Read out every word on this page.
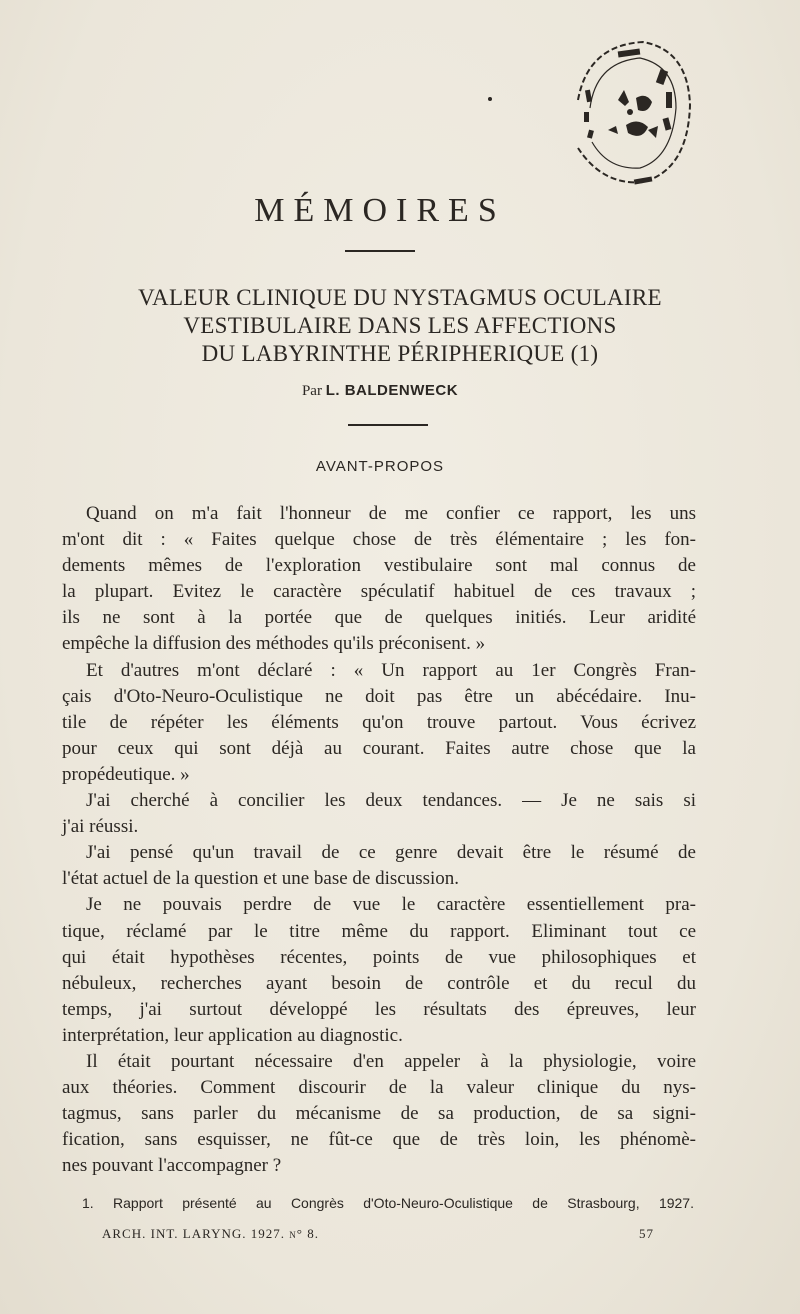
MÉMOIRES
VALEUR CLINIQUE DU NYSTAGMUS OCULAIRE
VESTIBULAIRE DANS LES AFFECTIONS
DU LABYRINTHE PÉRIPHERIQUE (1)
Par L. BALDENWECK
AVANT-PROPOS
Quand on m'a fait l'honneur de me confier ce rapport, les uns
m'ont dit : « Faites quelque chose de très élémentaire ; les fon-
dements mêmes de l'exploration vestibulaire sont mal connus de
la plupart. Evitez le caractère spéculatif habituel de ces travaux ;
ils ne sont à la portée que de quelques initiés. Leur aridité
empêche la diffusion des méthodes qu'ils préconisent. »
Et d'autres m'ont déclaré : « Un rapport au 1er Congrès Fran-
çais d'Oto-Neuro-Oculistique ne doit pas être un abécédaire. Inu-
tile de répéter les éléments qu'on trouve partout. Vous écrivez
pour ceux qui sont déjà au courant. Faites autre chose que la
propédeutique. »
J'ai cherché à concilier les deux tendances. — Je ne sais si
j'ai réussi.
J'ai pensé qu'un travail de ce genre devait être le résumé de
l'état actuel de la question et une base de discussion.
Je ne pouvais perdre de vue le caractère essentiellement pra-
tique, réclamé par le titre même du rapport. Eliminant tout ce
qui était hypothèses récentes, points de vue philosophiques et
nébuleux, recherches ayant besoin de contrôle et du recul du
temps, j'ai surtout développé les résultats des épreuves, leur
interprétation, leur application au diagnostic.
Il était pourtant nécessaire d'en appeler à la physiologie, voire
aux théories. Comment discourir de la valeur clinique du nys-
tagmus, sans parler du mécanisme de sa production, de sa signi-
fication, sans esquisser, ne fût-ce que de très loin, les phénomè-
nes pouvant l'accompagner ?
1. Rapport présenté au Congrès d'Oto-Neuro-Oculistique de Strasbourg, 1927.
ARCH. INT. LARYNG. 1927. n° 8.	57
